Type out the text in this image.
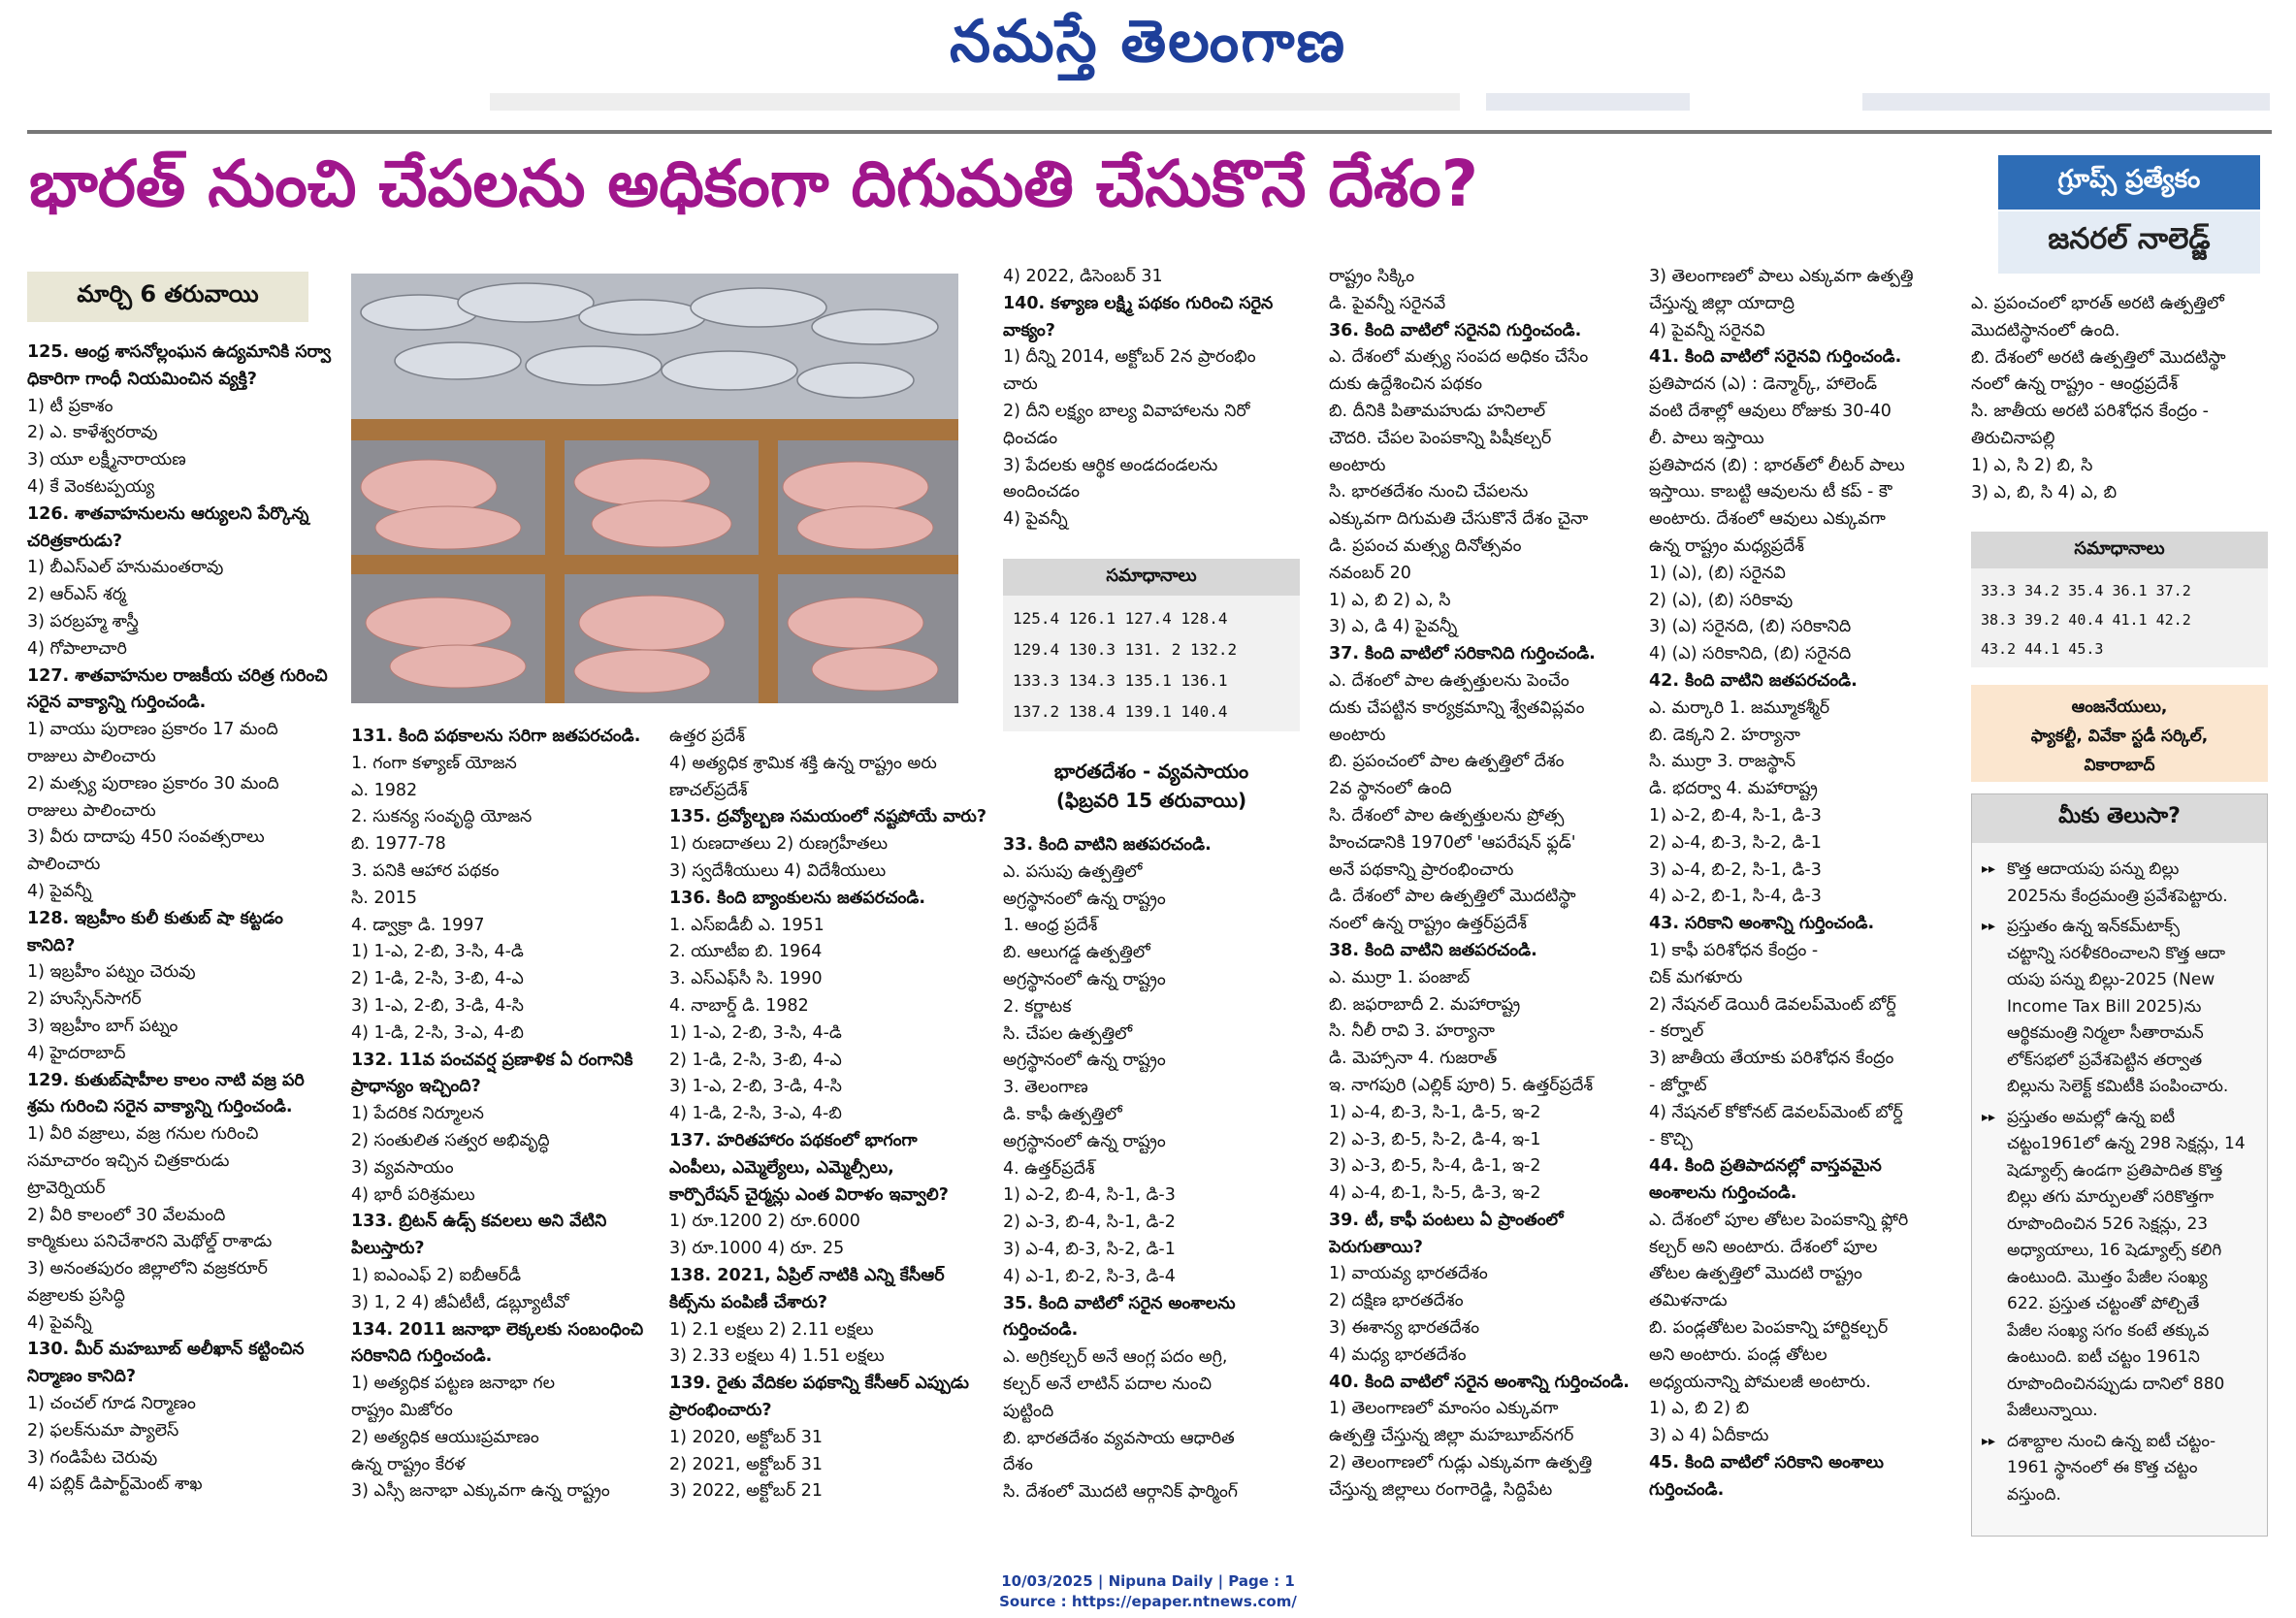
నమస్తే తెలంగాణ
భారత్ నుంచి చేపలను అధికంగా దిగుమతి చేసుకొనే దేశం?	గ్రూప్స్ ప్రత్యేకం
జనరల్ నాలెడ్జ్
మార్చి 6 తరువాయి

125. ఆంధ్ర శాసనోల్లంఘన ఉద్యమానికి సర్వా

ధికారిగా గాంధీ నియమించిన వ్యక్తి?

1) టీ ప్రకాశం

2) ఎ. కాళేశ్వరరావు

3) యూ లక్ష్మీనారాయణ

4) కే వెంకటప్పయ్య

126. శాతవాహనులను ఆర్యులని పేర్కొన్న

చరిత్రకారుడు?

1) బీఎస్ఎల్ హనుమంతరావు

2) ఆర్ఎస్ శర్మ

3) పరబ్రహ్మ శాస్త్రీ

4) గోపాలాచారి

127. శాతవాహనుల రాజకీయ చరిత్ర గురించి

సరైన వాక్యాన్ని గుర్తించండి.

1) వాయు పురాణం ప్రకారం 17 మంది

రాజులు పాలించారు

2) మత్స్య పురాణం ప్రకారం 30 మంది

రాజులు పాలించారు

3) వీరు దాదాపు 450 సంవత్సరాలు

పాలించారు

4) పైవన్నీ

128. ఇబ్రహీం కులీ కుతుబ్ షా కట్టడం

కానిది?

1) ఇబ్రహీం పట్నం చెరువు

2) హుస్సేన్‌సాగర్

3) ఇబ్రహీం బాగ్ పట్నం

4) హైదరాబాద్

129. కుతుబ్‌షాహీల కాలం నాటి వజ్ర పరి

శ్రమ గురించి సరైన వాక్యాన్ని గుర్తించండి.

1) వీరి వజ్రాలు, వజ్ర గనుల గురించి

సమాచారం ఇచ్చిన చిత్రకారుడు

ట్రావెర్నియర్

2) వీరి కాలంలో 30 వేలమంది

కార్మికులు పనిచేశారని మెథోల్డ్ రాశాడు

3) అనంతపురం జిల్లాలోని వజ్రకరూర్

వజ్రాలకు ప్రసిద్ధి

4) పైవన్నీ

130. మీర్ మహబూబ్ అలీఖాన్ కట్టించిన

నిర్మాణం కానిది?

1) చంచల్ గూడ నిర్మాణం

2) ఫలక్‌నుమా ప్యాలెస్

3) గండిపేట చెరువు

4) పబ్లిక్ డిపార్ట్‌మెంట్ శాఖ

131. కింది పథకాలను సరిగా జతపరచండి.

1. గంగా కళ్యాణ్ యోజన

ఎ. 1982

2. సుకన్య సంవృద్ధి యోజన

బి. 1977-78

3. పనికి ఆహార పథకం

సి. 2015

4. డ్వాక్రా డి. 1997

1) 1-ఎ, 2-బి, 3-సి, 4-డి

2) 1-డి, 2-సి, 3-బి, 4-ఎ

3) 1-ఎ, 2-బి, 3-డి, 4-సి

4) 1-డి, 2-సి, 3-ఎ, 4-బి

132. 11వ పంచవర్ష ప్రణాళిక ఏ రంగానికి

ప్రాధాన్యం ఇచ్చింది?

1) పేదరిక నిర్మూలన

2) సంతులిత సత్వర అభివృద్ధి

3) వ్యవసాయం

4) భారీ పరిశ్రమలు

133. బ్రిటన్ ఉడ్స్ కవలలు అని వేటిని

పిలుస్తారు?

1) ఐఎంఎఫ్ 2) ఐబీఆర్‌డీ

3) 1, 2 4) జీఏటీటీ, డబ్ల్యూటీవో

134. 2011 జనాభా లెక్కలకు సంబంధించి

సరికానిది గుర్తించండి.

1) అత్యధిక పట్టణ జనాభా గల

రాష్ట్రం మిజోరం

2) అత్యధిక ఆయుఃప్రమాణం

ఉన్న రాష్ట్రం కేరళ

3) ఎస్సీ జనాభా ఎక్కువగా ఉన్న రాష్ట్రం

4) 2022, డిసెంబర్ 31

140. కళ్యాణ లక్ష్మి పథకం గురించి సరైన

వాక్యం?

1) దీన్ని 2014, అక్టోబర్ 2న ప్రారంభిం

చారు

2) దీని లక్ష్యం బాల్య వివాహాలను నిరో

ధించడం

3) పేదలకు ఆర్థిక అండదండలను

అందించడం

4) పైవన్నీ

సమాధానాలు
125.4 126.1 127.4 128.4
129.4 130.3 131. 2 132.2
133.3 134.3 135.1 136.1
137.2 138.4 139.1 140.4

ఉత్తర ప్రదేశ్

4) అత్యధిక శ్రామిక శక్తి ఉన్న రాష్ట్రం అరు

ణాచల్‌ప్రదేశ్

135. ద్రవ్యోల్బణ సమయంలో నష్టపోయే వారు?

1) రుణదాతలు 2) రుణగ్రహీతలు

3) స్వదేశీయులు 4) విదేశీయులు

136. కింది బ్యాంకులను జతపరచండి.

1. ఎస్‌ఐడీబీ ఎ. 1951

2. యూటీఐ బి. 1964

3. ఎస్ఎఫ్‌సీ సి. 1990

4. నాబార్డ్ డి. 1982

1) 1-ఎ, 2-బి, 3-సి, 4-డి

2) 1-డి, 2-సి, 3-బి, 4-ఎ

3) 1-ఎ, 2-బి, 3-డి, 4-సి

4) 1-డి, 2-సి, 3-ఎ, 4-బి

137. హరితహారం పథకంలో భాగంగా

ఎంపీలు, ఎమ్మెల్యేలు, ఎమ్మెల్సీలు,

కార్పొరేషన్ చైర్మన్లు ఎంత విరాళం ఇవ్వాలి?

1) రూ.1200 2) రూ.6000

3) రూ.1000 4) రూ. 25

138. 2021, ఏప్రిల్ నాటికి ఎన్ని కేసీఆర్

కిట్స్‌ను పంపిణీ చేశారు?

1) 2.1 లక్షలు 2) 2.11 లక్షలు

3) 2.33 లక్షలు 4) 1.51 లక్షలు

139. రైతు వేదికల పథకాన్ని కేసీఆర్ ఎప్పుడు

ప్రారంభించారు?

1) 2020, అక్టోబర్ 31

2) 2021, అక్టోబర్ 31

3) 2022, అక్టోబర్ 21

భారతదేశం - వ్యవసాయం
(ఫిబ్రవరి 15 తరువాయి)

33. కింది వాటిని జతపరచండి.

ఎ. పసుపు ఉత్పత్తిలో

అగ్రస్థానంలో ఉన్న రాష్ట్రం

1. ఆంధ్ర ప్రదేశ్

బి. ఆలుగడ్డ ఉత్పత్తిలో

అగ్రస్థానంలో ఉన్న రాష్ట్రం

2. కర్ణాటక

సి. చేపల ఉత్పత్తిలో

అగ్రస్థానంలో ఉన్న రాష్ట్రం

3. తెలంగాణ

డి. కాఫీ ఉత్పత్తిలో

అగ్రస్థానంలో ఉన్న రాష్ట్రం

4. ఉత్తర్‌ప్రదేశ్

1) ఎ-2, బి-4, సి-1, డి-3

2) ఎ-3, బి-4, సి-1, డి-2

3) ఎ-4, బి-3, సి-2, డి-1

4) ఎ-1, బి-2, సి-3, డి-4

35. కింది వాటిలో సరైన అంశాలను

గుర్తించండి.

ఎ. అగ్రికల్చర్ అనే ఆంగ్ల పదం అగ్రి,

కల్చర్ అనే లాటిన్ పదాల నుంచి

పుట్టింది

బి. భారతదేశం వ్యవసాయ ఆధారిత

దేశం

సి. దేశంలో మొదటి ఆర్గానిక్ ఫార్మింగ్

రాష్ట్రం సిక్కిం

డి. పైవన్నీ సరైనవే

36. కింది వాటిలో సరైనవి గుర్తించండి.

ఎ. దేశంలో మత్స్య సంపద అధికం చేసేం

దుకు ఉద్దేశించిన పథకం

బి. దీనికి పితామహుడు హనిలాల్

చౌదరి. చేపల పెంపకాన్ని పిషీకల్చర్

అంటారు

సి. భారతదేశం నుంచి చేపలను

ఎక్కువగా దిగుమతి చేసుకొనే దేశం చైనా

డి. ప్రపంచ మత్స్య దినోత్సవం

నవంబర్ 20

1) ఎ, బి 2) ఎ, సి

3) ఎ, డి 4) పైవన్నీ

37. కింది వాటిలో సరికానిది గుర్తించండి.

ఎ. దేశంలో పాల ఉత్పత్తులను పెంచేం

దుకు చేపట్టిన కార్యక్రమాన్ని శ్వేతవిప్లవం

అంటారు

బి. ప్రపంచంలో పాల ఉత్పత్తిలో దేశం

2వ స్థానంలో ఉంది

సి. దేశంలో పాల ఉత్పత్తులను ప్రోత్స

హించడానికి 1970లో 'ఆపరేషన్ ఫ్లడ్'

అనే పథకాన్ని ప్రారంభించారు

డి. దేశంలో పాల ఉత్పత్తిలో మొదటిస్థా

నంలో ఉన్న రాష్ట్రం ఉత్తర్‌ప్రదేశ్

38. కింది వాటిని జతపరచండి.

ఎ. ముర్రా 1. పంజాబ్

బి. జఫరాబాదీ 2. మహారాష్ట్ర

సి. నీలీ రావి 3. హర్యానా

డి. మెహ్సానా 4. గుజరాత్

ఇ. నాగపురి (ఎల్లిక్ పూరి) 5. ఉత్తర్‌ప్రదేశ్

1) ఎ-4, బి-3, సి-1, డి-5, ఇ-2

2) ఎ-3, బి-5, సి-2, డి-4, ఇ-1

3) ఎ-3, బి-5, సి-4, డి-1, ఇ-2

4) ఎ-4, బి-1, సి-5, డి-3, ఇ-2

39. టీ, కాఫీ పంటలు ఏ ప్రాంతంలో

పెరుగుతాయి?

1) వాయవ్య భారతదేశం

2) దక్షిణ భారతదేశం

3) ఈశాన్య భారతదేశం

4) మధ్య భారతదేశం

40. కింది వాటిలో సరైన అంశాన్ని గుర్తించండి.

1) తెలంగాణలో మాంసం ఎక్కువగా

ఉత్పత్తి చేస్తున్న జిల్లా మహబూబ్‌నగర్

2) తెలంగాణలో గుడ్లు ఎక్కువగా ఉత్పత్తి

చేస్తున్న జిల్లాలు రంగారెడ్డి, సిద్దిపేట

3) తెలంగాణలో పాలు ఎక్కువగా ఉత్పత్తి

చేస్తున్న జిల్లా యాదాద్రి

4) పైవన్నీ సరైనవి

41. కింది వాటిలో సరైనవి గుర్తించండి.

ప్రతిపాదన (ఎ) : డెన్మార్క్, హాలెండ్

వంటి దేశాల్లో ఆవులు రోజుకు 30-40

లీ. పాలు ఇస్తాయి

ప్రతిపాదన (బి) : భారత్‌లో లీటర్ పాలు

ఇస్తాయి. కాబట్టి ఆవులను టీ కప్ - కౌ

అంటారు. దేశంలో ఆవులు ఎక్కువగా

ఉన్న రాష్ట్రం మధ్యప్రదేశ్

1) (ఎ), (బి) సరైనవి

2) (ఎ), (బి) సరికావు

3) (ఎ) సరైనది, (బి) సరికానిది

4) (ఎ) సరికానిది, (బి) సరైనది

42. కింది వాటిని జతపరచండి.

ఎ. మర్కారి 1. జమ్మూకశ్మీర్

బి. డెక్కని 2. హర్యానా

సి. ముర్రా 3. రాజస్థాన్

డి. భదర్వా 4. మహారాష్ట్ర

1) ఎ-2, బి-4, సి-1, డి-3

2) ఎ-4, బి-3, సి-2, డి-1

3) ఎ-4, బి-2, సి-1, డి-3

4) ఎ-2, బి-1, సి-4, డి-3

43. సరికాని అంశాన్ని గుర్తించండి.

1) కాఫీ పరిశోధన కేంద్రం -

చిక్ మగళూరు

2) నేషనల్ డెయిరీ డెవలప్‌మెంట్ బోర్డ్

- కర్నాల్

3) జాతీయ తేయాకు పరిశోధన కేంద్రం

- జోర్హాట్

4) నేషనల్ కోకోనట్ డెవలప్‌మెంట్ బోర్డ్

- కొచ్చి

44. కింది ప్రతిపాదనల్లో వాస్తవమైన

అంశాలను గుర్తించండి.

ఎ. దేశంలో పూల తోటల పెంపకాన్ని ఫ్లోరి

కల్చర్ అని అంటారు. దేశంలో పూల

తోటల ఉత్పత్తిలో మొదటి రాష్ట్రం

తమిళనాడు

బి. పండ్లతోటల పెంపకాన్ని హార్టికల్చర్

అని అంటారు. పండ్ల తోటల

అధ్యయనాన్ని పోమలజీ అంటారు.

1) ఎ, బి 2) బి

3) ఎ 4) ఏదీకాదు

45. కింది వాటిలో సరికాని అంశాలు

గుర్తించండి.

ఎ. ప్రపంచంలో భారత్ అరటి ఉత్పత్తిలో

మొదటిస్థానంలో ఉంది.

బి. దేశంలో అరటి ఉత్పత్తిలో మొదటిస్థా

నంలో ఉన్న రాష్ట్రం - ఆంధ్రప్రదేశ్

సి. జాతీయ అరటి పరిశోధన కేంద్రం -

తిరుచినాపల్లి

1) ఎ, సి 2) బి, సి

3) ఎ, బి, సి 4) ఎ, బి

సమాధానాలు
33.3 34.2 35.4 36.1 37.2
38.3 39.2 40.4 41.1 42.2
43.2 44.1 45.3
ఆంజనేయులు,
ఫ్యాకల్టీ, వివేకా స్టడీ సర్కిల్,
వికారాబాద్
మీకు తెలుసా?
▸▸ కొత్త ఆదాయపు పన్ను బిల్లు
2025ను కేంద్రమంత్రి ప్రవేశపెట్టారు.
▸▸ ప్రస్తుతం ఉన్న ఇన్‌కమ్‌టాక్స్
చట్టాన్ని సరళీకరించాలని కొత్త ఆదా
యపు పన్ను బిల్లు-2025 (New
Income Tax Bill 2025)ను
ఆర్థికమంత్రి నిర్మలా సీతారామన్
లోక్‌సభలో ప్రవేశపెట్టిన తర్వాత
బిల్లును సెలెక్ట్ కమిటీకి పంపించారు.
▸▸ ప్రస్తుతం అమల్లో ఉన్న ఐటీ
చట్టం1961లో ఉన్న 298 సెక్షన్లు, 14
షెడ్యూల్స్ ఉండగా ప్రతిపాదిత కొత్త
బిల్లు తగు మార్పులతో సరికొత్తగా
రూపొందించిన 526 సెక్షన్లు, 23
అధ్యాయాలు, 16 షెడ్యూల్స్ కలిగి
ఉంటుంది. మొత్తం పేజీల సంఖ్య
622. ప్రస్తుత చట్టంతో పోల్చితే
పేజీల సంఖ్య సగం కంటే తక్కువ
ఉంటుంది. ఐటీ చట్టం 1961ని
రూపొందించినప్పుడు దానిలో 880
పేజీలున్నాయి.
▸▸ దశాబ్దాల నుంచి ఉన్న ఐటీ చట్టం-
1961 స్థానంలో ఈ కొత్త చట్టం
వస్తుంది.
10/03/2025 | Nipuna Daily | Page : 1
Source : https://epaper.ntnews.com/
